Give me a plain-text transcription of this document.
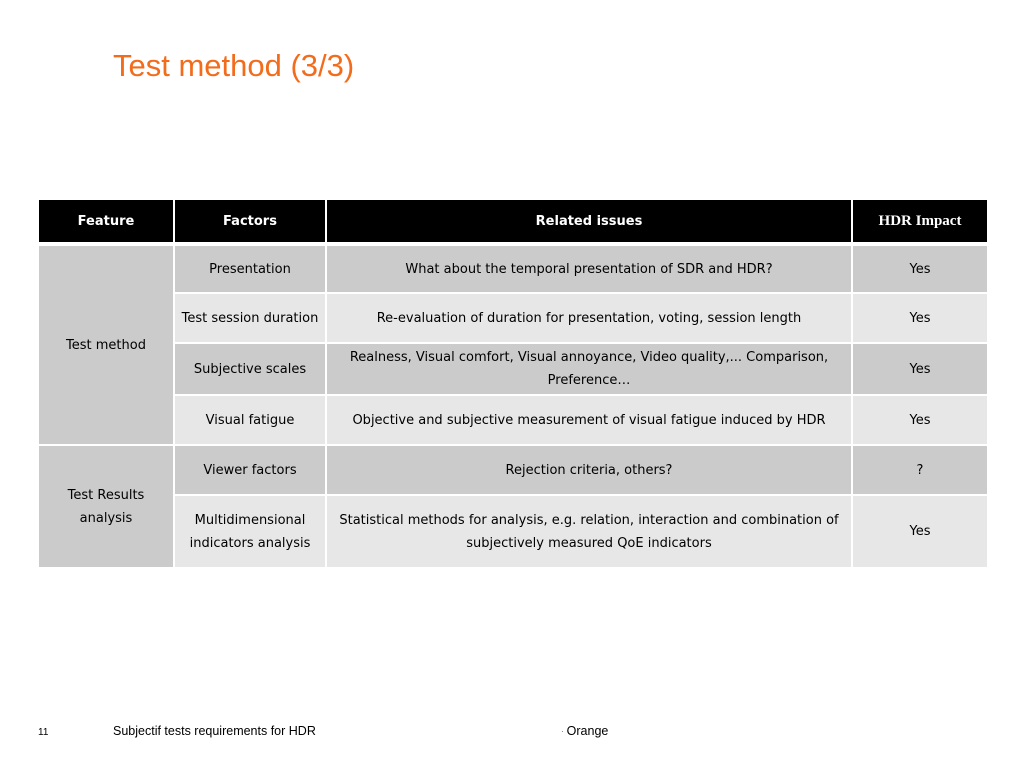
Test method (3/3)
Feature	Factors	Related issues	HDR Impact
Test method	Presentation	What about the temporal presentation of SDR and HDR?	Yes
	Test session duration	Re-evaluation of duration for presentation, voting, session length	Yes
	Subjective scales	Realness, Visual comfort, Visual annoyance, Video quality,... Comparison, Preference…	Yes
	Visual fatigue	Objective and subjective measurement of visual fatigue induced by HDR	Yes
Test Results analysis	Viewer factors	Rejection criteria, others?	?
	Multidimensional indicators analysis	Statistical methods for analysis, e.g. relation, interaction and combination of subjectively measured QoE indicators	Yes
11	Subjectif tests requirements for HDR	· Orange
